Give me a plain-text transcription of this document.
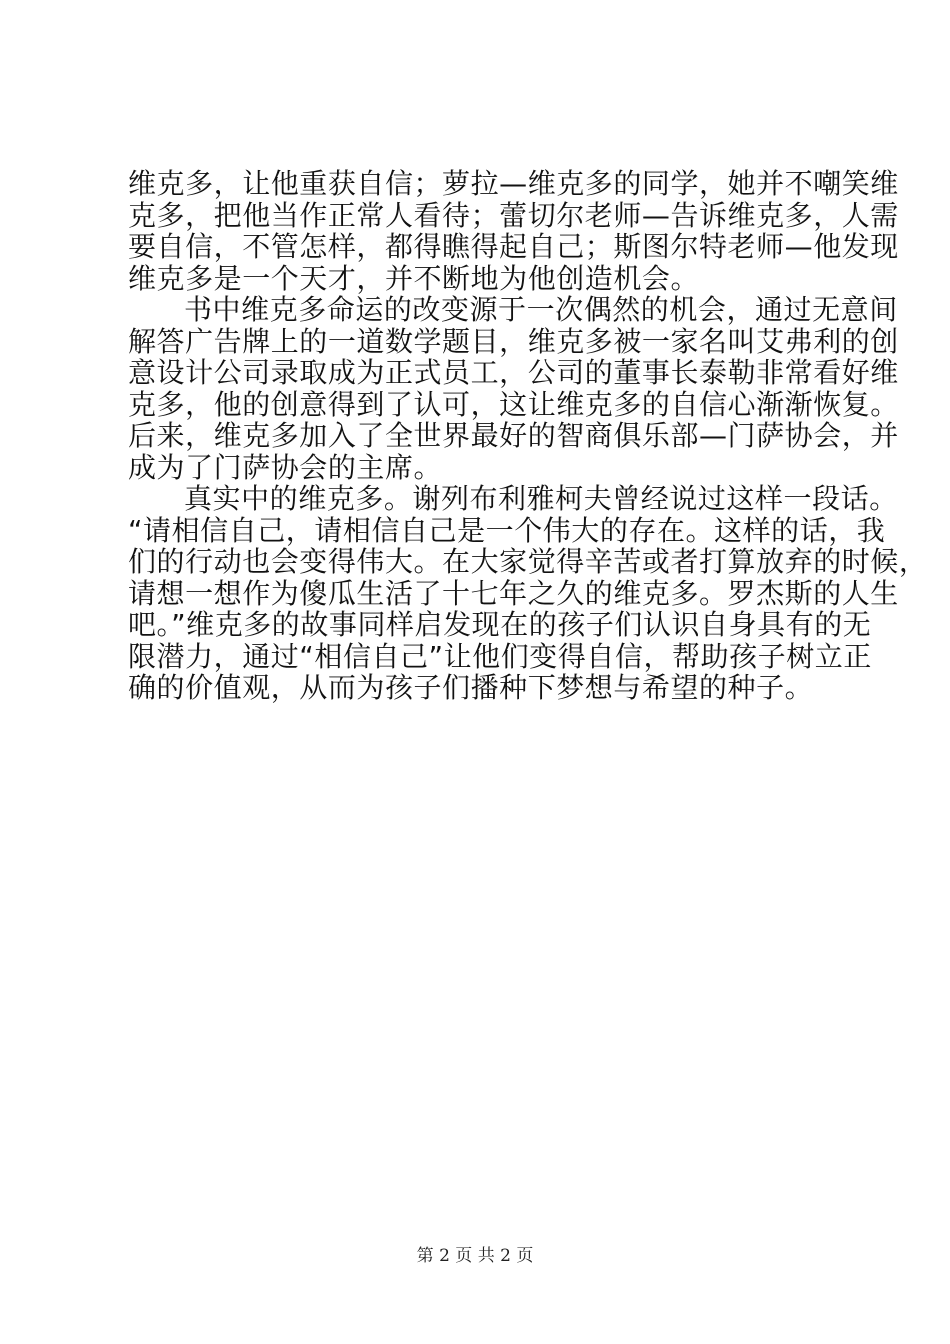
维克多，让他重获自信；萝拉—维克多的同学，她并不嘲笑维
克多，把他当作正常人看待；蕾切尔老师—告诉维克多，人需
要自信，不管怎样，都得瞧得起自己；斯图尔特老师—他发现
维克多是一个天才，并不断地为他创造机会。
书中维克多命运的改变源于一次偶然的机会，通过无意间
解答广告牌上的一道数学题目，维克多被一家名叫艾弗利的创
意设计公司录取成为正式员工，公司的董事长泰勒非常看好维
克多，他的创意得到了认可，这让维克多的自信心渐渐恢复。
后来，维克多加入了全世界最好的智商俱乐部—门萨协会，并
成为了门萨协会的主席。
真实中的维克多。谢列布利雅柯夫曾经说过这样一段话。
“请相信自己，请相信自己是一个伟大的存在。这样的话，我
们的行动也会变得伟大。在大家觉得辛苦或者打算放弃的时候，
请想一想作为傻瓜生活了十七年之久的维克多。罗杰斯的人生
吧。”维克多的故事同样启发现在的孩子们认识自身具有的无
限潜力，通过“相信自己”让他们变得自信，帮助孩子树立正
确的价值观，从而为孩子们播种下梦想与希望的种子。
第 2 页 共 2 页
